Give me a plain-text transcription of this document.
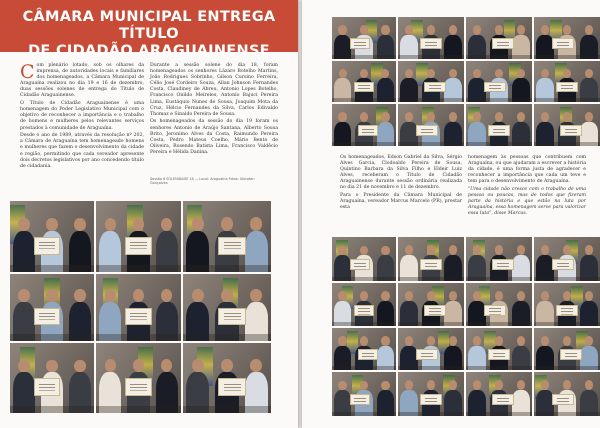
CÂMARA MUNICIPAL ENTREGA TÍTULO
DE CIDADÃO ARAGUAINENSE

Com plenário lotado, sob os olhares da imprensa, de autoridades locais e familiares dos homenageados, a Câmara Municipal de Araguaína realizou no dia 19 e 16 de dezembro, duas sessões solenes de entrega do Título de Cidadão Araguainense.

O Título de Cidadão Araguainense é uma homenagem do Poder Legislativo Municipal com o objetivo de reconhecer a importância e o trabalho de homens e mulheres pelos relevantes serviços prestados à comunidade de Araguaína.

Desde o ano de 1989, através da resolução nº 202, a Câmara de Araguaína tem homenageado homens e mulheres que fazem o desenvolvimento da cidade e região, permitindo que cada vereador apresente dois decretos legislativos por ano concedendo título de cidadania.

Durante a sessão solene do dia 18, foram homenageados os senhores Lázaro Botelho Martins, João Rodrigues Sobrinho, Gilson Cursino Ferreira, Célio José Cordeiro Souza, Allan Johnson Fernandes Costa, Claudiney de Abreu, Antonio Lopes Botelho, Francisco Onildo Meireles, Antonio Bajuci Pereira Lima, Eustáquio Nunes de Sousa, Joaquim Mota da Cruz, Hélcio Fernandes da Silva, Carlos Edivaldo Thomaz e Sinaldo Pereira de Sousa.

Os homenageados da sessão do dia 19 foram os senhores Antonio de Araújo Santana, Alberto Sousa Brito, Jeronimo Alves da Costa, Raimundo Pereira Costa, Pedro Mateus Coelho, Mário Bento de Oliveira, Rosendo Batista Lima, Francisco Valdêcio Pereira e Hélida Danina.

Sessão 6 SOLENIDADE 18 — Local: Araguaína Fotos: Ubiratan Gonçalves

Os homenageados, Edson Gabriel da Silva, Sérgio Alves Garcia, Clodoaldo Pereira de Sousa, Quintino Barbara da Silva Filho e Eldeir Luiz Alves, receberam o Título de Cidadão Araguainense durante sessão ordinária realizada no dia 21 de novembro e 11 de dezembro.

Para o Presidente da Câmara Municipal de Araguaína, vereador Marcus Marcelo (PR), prestar esta

homenagem às pessoas que contribuem com Araguaína, ou que ajudaram a escrever a história da cidade, é uma forma justa de agradecer e reconhecer a importância que cada um teve e tem para o desenvolvimento de Araguaína.

"Uma cidade não cresce com o trabalho de uma pessoa ou poucas, mas de todos que fizeram parte da história e que estão na luta por Araguaína, essa homenagem serve para valorizar essa luta", disse Marcus.
